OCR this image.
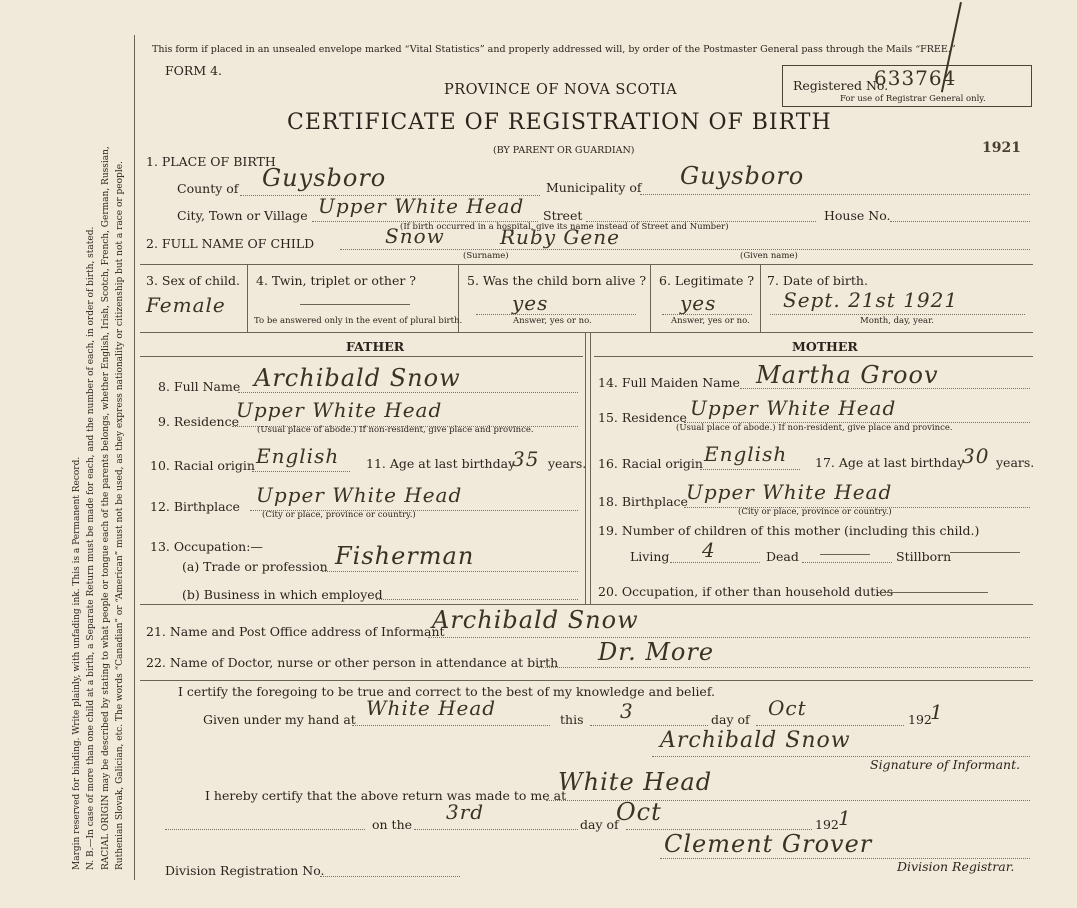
Margin reserved for binding. Write plainly, with unfading ink. This is a Permanent Record. N. B.—In case of more than one child at a birth, a Separate Return must be made for each, and the number of each, in order of birth, stated. RACIAL ORIGIN may be described by stating to what people or tongue each of the parents belongs, whether English, Irish, Scotch, French, German, Russian, Ruthenian Slovak, Galician, etc. The words “Canadian” or “American” must not be used, as they express nationality or citizenship but not a race or people.
This form if placed in an unsealed envelope marked “Vital Statistics” and properly addressed will, by order of the Postmaster General pass through the Mails “FREE.”
FORM 4.
PROVINCE OF NOVA SCOTIA
CERTIFICATE OF REGISTRATION OF BIRTH
(BY PARENT OR GUARDIAN)
Registered No.
633764
For use of Registrar General only.
1921
1. PLACE OF BIRTH
County of Guysboro	Municipality of Guysboro
City, Town or Village Upper White Head Street	House No.
(If birth occurred in a hospital, give its name instead of Street and Number)
2. FULL NAME OF CHILD	Snow	Ruby Gene
(Surname)	(Given name)
3. Sex of child.
Female
4. Twin, triplet or other ?
To be answered only in the event of plural birth.
5. Was the child born alive ?
yes
Answer, yes or no.
6. Legitimate ?
yes
Answer, yes or no.
7. Date of birth.
Sept. 21st 1921
Month, day, year.
FATHER	MOTHER
8. Full Name Archibald Snow
9. Residence
Upper White Head
(Usual place of abode.) If non-resident, give place and province.
10. Racial origin English 11. Age at last birthday
35 years.
12. Birthplace Upper White Head
(City or place, province or country.)
13. Occupation:—
(a) Trade or profession Fisherman
(b) Business in which employed
14. Full Maiden Name Martha Groov
15. Residence Upper White Head
(Usual place of abode.) If non-resident, give place and province.
16. Racial origin English 17. Age at last birthday
30 years.
18. Birthplace
Upper White Head
(City or place, province or country.)
19. Number of children of this mother (including this child.)
Living 4	Dead	Stillborn
20. Occupation, if other than household duties
21. Name and Post Office address of Informant
Archibald Snow
22. Name of Doctor, nurse or other person in attendance at birth Dr. More
I certify the foregoing to be true and correct to the best of my knowledge and belief.
Given under my hand at White Head	this 3	day of Oct	192
1
Archibald Snow
Signature of Informant.
I hereby certify that the above return was made to me at
White Head
on the
3rd
day of
Oct	192 1
Clement Grover
Division Registration No.	Division Registrar.
